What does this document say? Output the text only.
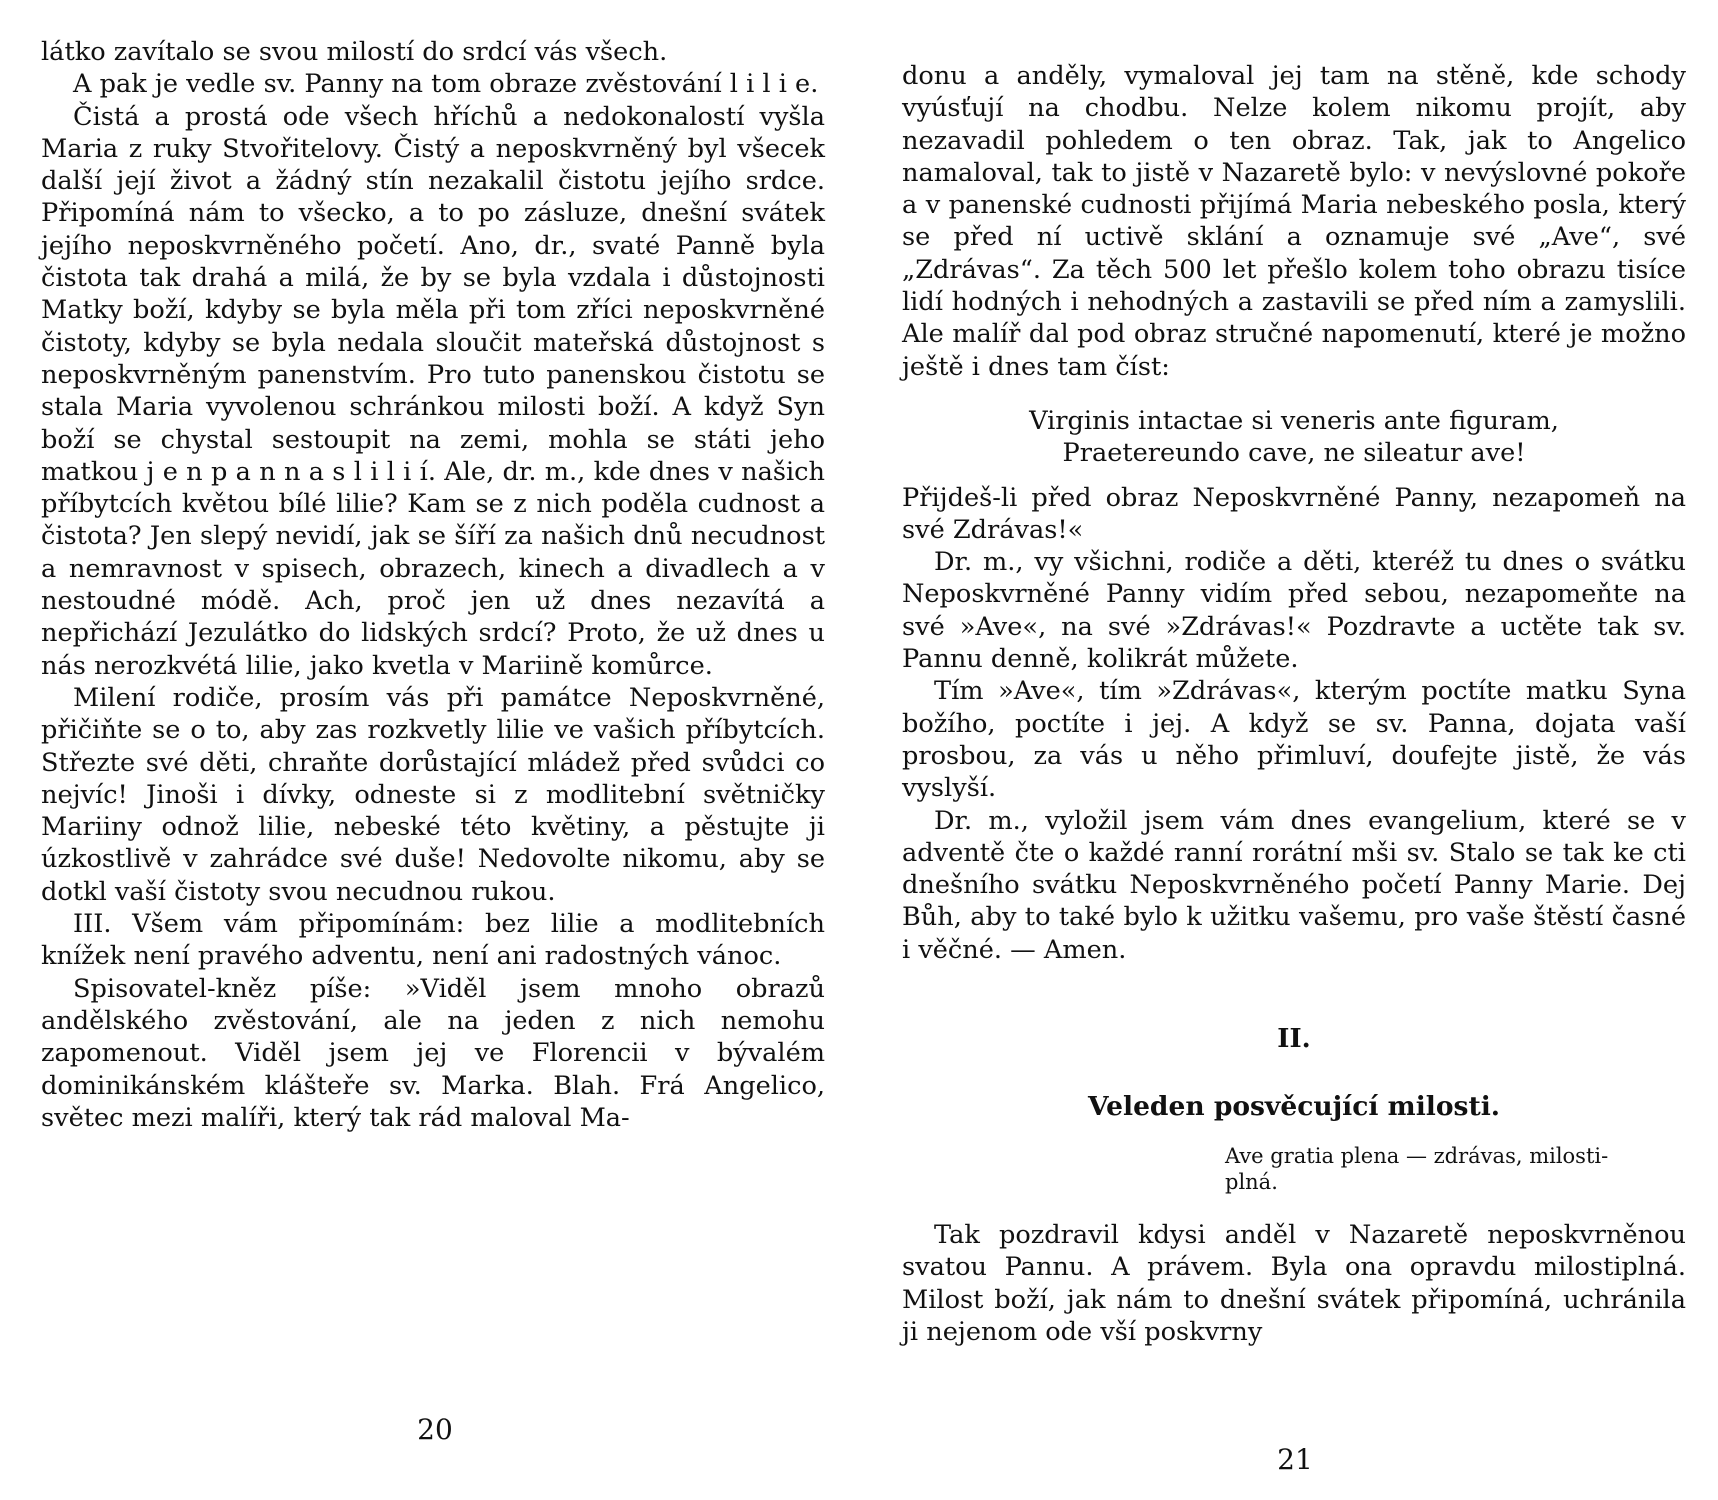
látko zavítalo se svou milostí do srdcí vás všech.

A pak je vedle sv. Panny na tom obraze zvěstování l i l i e.

Čistá a prostá ode všech hříchů a nedokonalostí vyšla Maria z ruky Stvořitelovy. Čistý a neposkvrněný byl všecek další její život a žádný stín nezakalil čistotu jejího srdce. Připomíná nám to všecko, a to po zásluze, dnešní svátek jejího neposkvrněného početí. Ano, dr., svaté Panně byla čistota tak drahá a milá, že by se byla vzdala i důstojnosti Matky boží, kdyby se byla měla při tom zříci neposkvrněné čistoty, kdyby se byla nedala sloučit mateřská důstojnost s neposkvrněným panenstvím. Pro tuto panenskou čistotu se stala Maria vyvolenou schránkou milosti boží. A když Syn boží se chystal sestoupit na zemi, mohla se státi jeho matkou j e n p a n n a s l i l i í. Ale, dr. m., kde dnes v našich příbytcích květou bílé lilie? Kam se z nich poděla cudnost a čistota? Jen slepý nevidí, jak se šíří za našich dnů necudnost a nemravnost v spisech, obrazech, kinech a divadlech a v nestoudné módě. Ach, proč jen už dnes nezavítá a nepřichází Jezulátko do lidských srdcí? Proto, že už dnes u nás nerozkvétá lilie, jako kvetla v Mariině komůrce.

Milení rodiče, prosím vás při památce Neposkvrněné, přičiňte se o to, aby zas rozkvetly lilie ve vašich příbytcích. Střezte své děti, chraňte dorůstající mládež před svůdci co nejvíc! Jinoši i dívky, odneste si z modlitební světničky Mariiny odnož lilie, nebeské této květiny, a pěstujte ji úzkostlivě v zahrádce své duše! Nedovolte nikomu, aby se dotkl vaší čistoty svou necudnou rukou.

III. Všem vám připomínám: bez lilie a modlitebních knížek není pravého adventu, není ani radostných vánoc.

Spisovatel-kněz píše: »Viděl jsem mnoho obrazů andělského zvěstování, ale na jeden z nich nemohu zapomenout. Viděl jsem jej ve Florencii v bývalém dominikánském klášteře sv. Marka. Blah. Frá Angelico, světec mezi malíři, který tak rád maloval Ma-

20

donu a anděly, vymaloval jej tam na stěně, kde schody vyúsťují na chodbu. Nelze kolem nikomu projít, aby nezavadil pohledem o ten obraz. Tak, jak to Angelico namaloval, tak to jistě v Nazaretě bylo: v nevýslovné pokoře a v panenské cudnosti přijímá Maria nebeského posla, který se před ní uctivě sklání a oznamuje své „Ave“, své „Zdrávas“. Za těch 500 let přešlo kolem toho obrazu tisíce lidí hodných i nehodných a zastavili se před ním a zamyslili. Ale malíř dal pod obraz stručné napomenutí, které je možno ještě i dnes tam číst:

Virginis intactae si veneris ante figuram,
Praetereundo cave, ne sileatur ave!

Přijdeš-li před obraz Neposkvrněné Panny, nezapomeň na své Zdrávas!«

Dr. m., vy všichni, rodiče a děti, kteréž tu dnes o svátku Neposkvrněné Panny vidím před sebou, nezapomeňte na své »Ave«, na své »Zdrávas!« Pozdravte a uctěte tak sv. Pannu denně, kolikrát můžete.

Tím »Ave«, tím »Zdrávas«, kterým poctíte matku Syna božího, poctíte i jej. A když se sv. Panna, dojata vaší prosbou, za vás u něho přimluví, doufejte jistě, že vás vyslyší.

Dr. m., vyložil jsem vám dnes evangelium, které se v adventě čte o každé ranní rorátní mši sv. Stalo se tak ke cti dnešního svátku Neposkvrněného početí Panny Marie. Dej Bůh, aby to také bylo k užitku vašemu, pro vaše štěstí časné i věčné. — Amen.

II.
Veleden posvěcující milosti.
Ave gratia plena — zdrávas, milosti-
plná.

Tak pozdravil kdysi anděl v Nazaretě neposkvrněnou svatou Pannu. A právem. Byla ona opravdu milostiplná. Milost boží, jak nám to dnešní svátek připomíná, uchránila ji nejenom ode vší poskvrny

21
